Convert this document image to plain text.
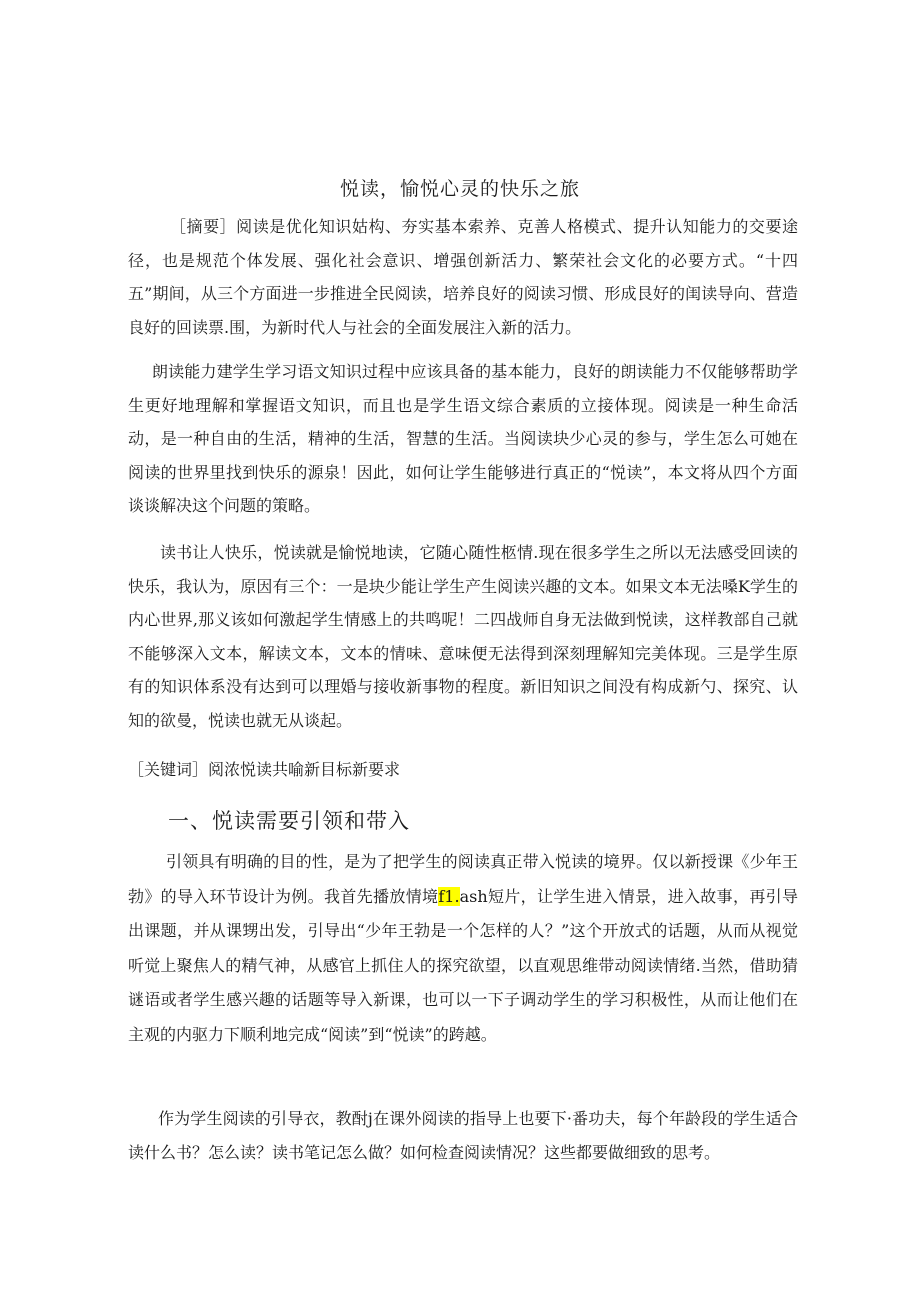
悦读，愉悦心灵的快乐之旅

［摘要］阅读是优化知识姑构、夯实基本索养、克善人格模式、提升认知能力的交要途径，也是规范个体发展、强化社会意识、增强创新活力、繁荣社会文化的必要方式。“十四五”期间，从三个方面进一步推进全民阅读，培养良好的阅读习惯、形成艮好的闺读导向、营造良好的回读票.围，为新时代人与社会的全面发展注入新的活力。

朗读能力建学生学习语文知识过程中应该具备的基本能力，良好的朗读能力不仅能够帮助学生更好地理解和掌握语文知识，而且也是学生语文综合素质的立接体现。阅读是一种生命活动，是一种自由的生活，精神的生活，智慧的生活。当阅读块少心灵的参与，学生怎么可她在阅读的世界里找到快乐的源泉！因此，如何让学生能够进行真正的“悦读”，本文将从四个方面谈谈解决这个问题的策略。

读书让人快乐，悦读就是愉悦地读，它随心随性柩情.现在很多学生之所以无法感受回读的快乐，我认为，原因有三个：一是块少能让学生产生阅读兴趣的文本。如果文本无法嗓K学生的内心世界,那义该如何激起学生情感上的共鸣呢！二四战师自身无法做到悦读，这样教部自己就不能够深入文本，解读文本，文本的情味、意味便无法得到深刻理解知完美体现。三是学生原有的知识体系没有达到可以理婚与接收新事物的程度。新旧知识之间没有构成新勺、探究、认知的欲曼，悦读也就无从谈起。

［关键词］阅浓悦读共喻新目标新要求

一、悦读需要引领和带入

引领具有明确的目的性，是为了把学生的阅读真正带入悦读的境界。仅以新授课《少年王勃》的导入环节设计为例。我首先播放情境f1.ash短片，让学生进入情景，进入故事，再引导出课题，并从课甥出发，引导出“少年王勃是一个怎样的人？”这个开放式的话题，从而从视觉听觉上聚焦人的精气神，从感官上抓住人的探究欲望，以直观思维带动阅读情绪.当然，借助猜谜语或者学生感兴趣的话题等导入新课，也可以一下子调动学生的学习积极性，从而让他们在主观的内驱力下顺利地完成“阅读”到“悦读”的跨越。

作为学生阅读的引导衣，教酎j在课外阅读的指导上也要下·番功夫，每个年龄段的学生适合读什么书？怎么读？读书笔记怎么做？如何检查阅读情况？这些都要做细致的思考。
